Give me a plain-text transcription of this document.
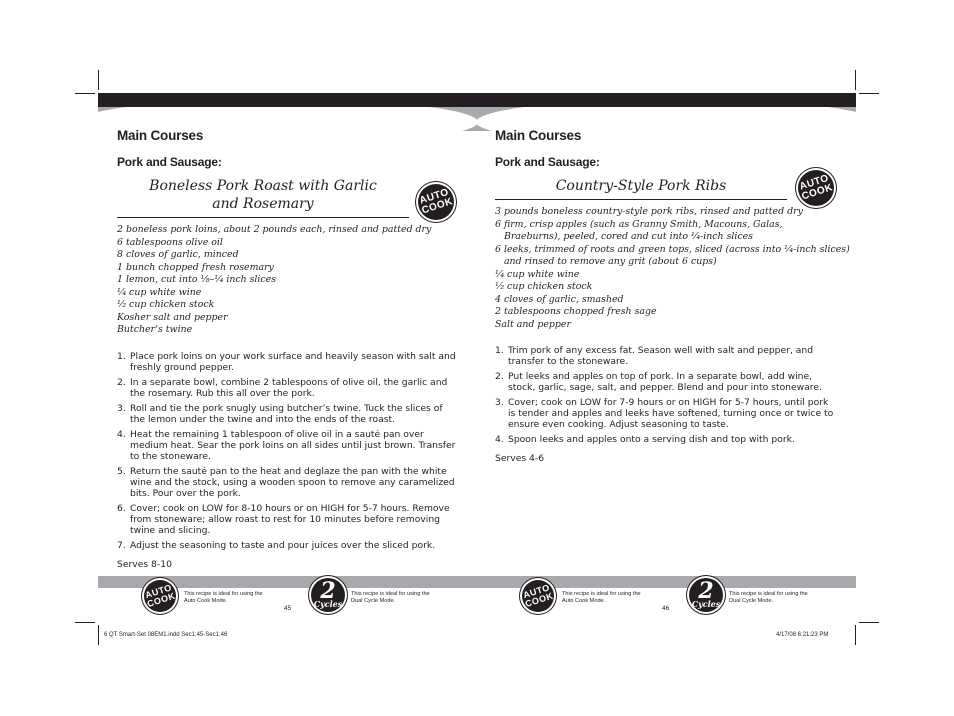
Main Courses
Pork and Sausage:

Boneless Pork Roast with Garlic

and Rosemary

2 boneless pork loins, about 2 pounds each, rinsed and patted dry
6 tablespoons olive oil
8 cloves of garlic, minced
1 bunch chopped fresh rosemary
1 lemon, cut into ¹⁄₈–¹⁄₄ inch slices
¹⁄₄ cup white wine
¹⁄₂ cup chicken stock
Kosher salt and pepper
Butcher’s twine
1. Place pork loins on your work surface and heavily season with salt and freshly ground pepper.
2. In a separate bowl, combine 2 tablespoons of olive oil, the garlic and the rosemary. Rub this all over the pork.
3. Roll and tie the pork snugly using butcher’s twine. Tuck the slices of the lemon under the twine and into the ends of the roast.
4. Heat the remaining 1 tablespoon of olive oil in a sauté pan over medium heat. Sear the pork loins on all sides until just brown. Transfer to the stoneware.
5. Return the sauté pan to the heat and deglaze the pan with the white wine and the stock, using a wooden spoon to remove any caramelized bits. Pour over the pork.
6. Cover; cook on LOW for 8-10 hours or on HIGH for 5-7 hours. Remove from stoneware; allow roast to rest for 10 minutes before removing twine and slicing.
7. Adjust the seasoning to taste and pour juices over the sliced pork.
Serves 8-10
AUTO COOK
Main Courses
Pork and Sausage:

Country-Style Pork Ribs

3 pounds boneless country-style pork ribs, rinsed and patted dry
6 firm, crisp apples (such as Granny Smith, Macouns, Galas,
Braeburns), peeled, cored and cut into ¹⁄₄-inch slices
6 leeks, trimmed of roots and green tops, sliced (across into ¹⁄₄-inch slices)
and rinsed to remove any grit (about 6 cups)
¹⁄₄ cup white wine
¹⁄₂ cup chicken stock
4 cloves of garlic, smashed
2 tablespoons chopped fresh sage
Salt and pepper
1. Trim pork of any excess fat. Season well with salt and pepper, and transfer to the stoneware.
2. Put leeks and apples on top of pork. In a separate bowl, add wine, stock, garlic, sage, salt, and pepper. Blend and pour into stoneware.
3. Cover; cook on LOW for 7-9 hours or on HIGH for 5-7 hours, until pork is tender and apples and leeks have softened, turning once or twice to ensure even cooking. Adjust seasoning to taste.
4. Spoon leeks and apples onto a serving dish and top with pork.
Serves 4-6
AUTO COOK
AUTO COOK This recipe is ideal for using the Auto Cook Mode.	2
Cycles
This recipe is ideal for using the Dual Cycle Mode.
45
AUTO COOK This recipe is ideal for using the Auto Cook Mode.	2
Cycles
This recipe is ideal for using the Dual Cycle Mode.
46
6 QT Smart-Set 08EM1.indd Sec1:45-Sec1:46	4/17/08 6:21:23 PM
